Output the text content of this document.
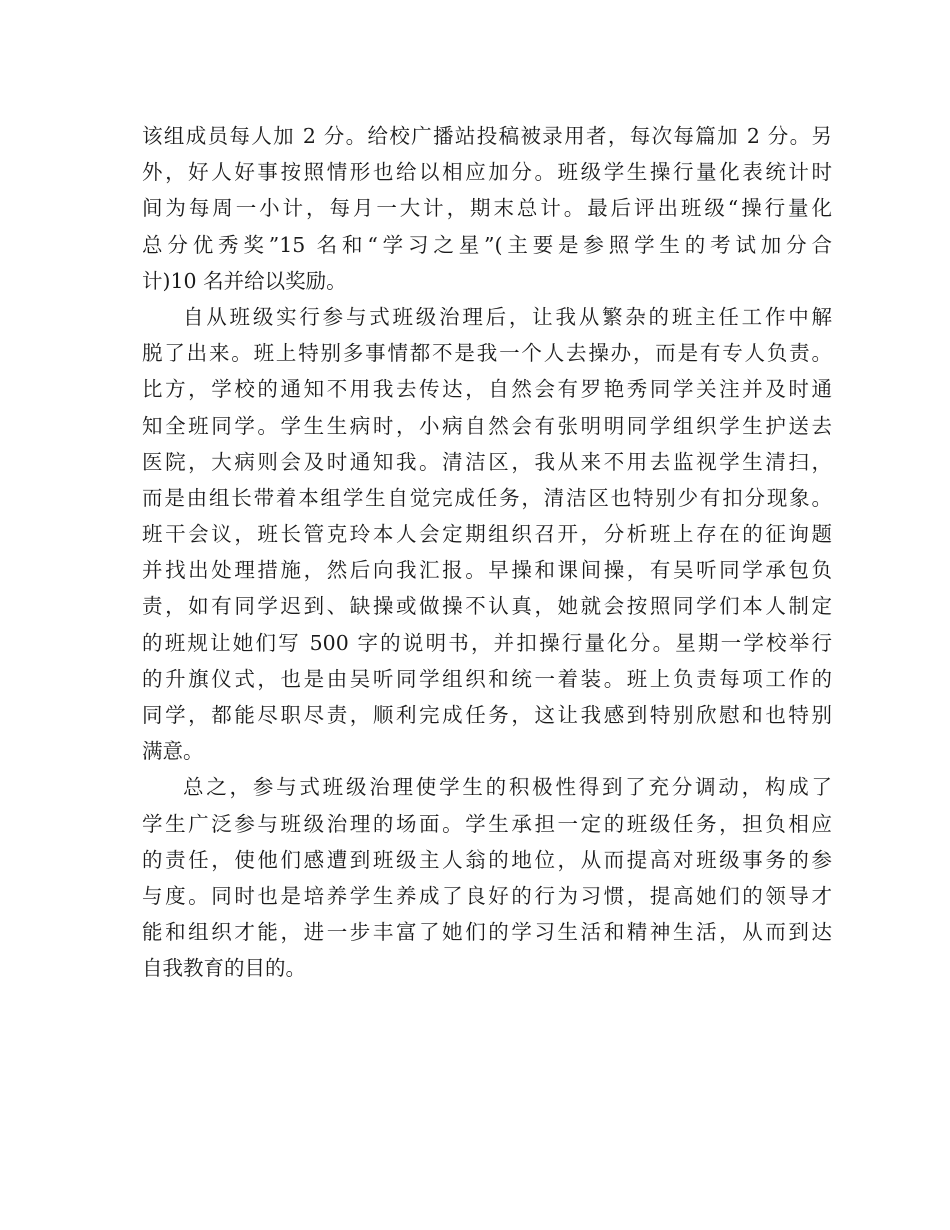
该组成员每人加 2 分。给校广播站投稿被录用者，每次每篇加 2 分。另
外，好人好事按照情形也给以相应加分。班级学生操行量化表统计时
间为每周一小计，每月一大计，期末总计。最后评出班级“操行量化
总分优秀奖”15 名和“学习之星”(主要是参照学生的考试加分合
计)10 名并给以奖励。
自从班级实行参与式班级治理后，让我从繁杂的班主任工作中解
脱了出来。班上特别多事情都不是我一个人去操办，而是有专人负责。
比方，学校的通知不用我去传达，自然会有罗艳秀同学关注并及时通
知全班同学。学生生病时，小病自然会有张明明同学组织学生护送去
医院，大病则会及时通知我。清洁区，我从来不用去监视学生清扫，
而是由组长带着本组学生自觉完成任务，清洁区也特别少有扣分现象。
班干会议，班长管克玲本人会定期组织召开，分析班上存在的征询题
并找出处理措施，然后向我汇报。早操和课间操，有吴听同学承包负
责，如有同学迟到、缺操或做操不认真，她就会按照同学们本人制定
的班规让她们写 500 字的说明书，并扣操行量化分。星期一学校举行
的升旗仪式，也是由吴听同学组织和统一着装。班上负责每项工作的
同学，都能尽职尽责，顺利完成任务，这让我感到特别欣慰和也特别
满意。
总之，参与式班级治理使学生的积极性得到了充分调动，构成了
学生广泛参与班级治理的场面。学生承担一定的班级任务，担负相应
的责任，使他们感遭到班级主人翁的地位，从而提高对班级事务的参
与度。同时也是培养学生养成了良好的行为习惯，提高她们的领导才
能和组织才能，进一步丰富了她们的学习生活和精神生活，从而到达
自我教育的目的。
